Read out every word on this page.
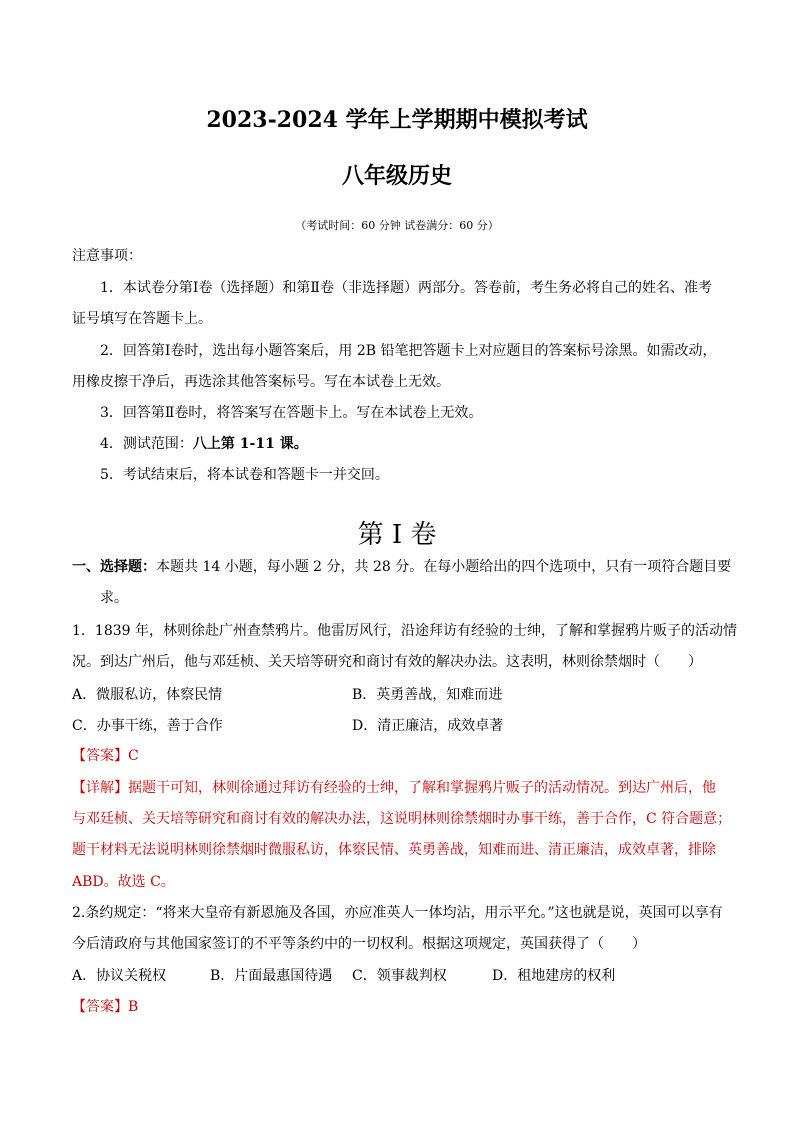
2023-2024 学年上学期期中模拟考试
八年级历史
（考试时间：60 分钟 试卷满分：60 分）
注意事项：
1．本试卷分第Ⅰ卷（选择题）和第Ⅱ卷（非选择题）两部分。答卷前，考生务必将自己的姓名、准考
证号填写在答题卡上。
2．回答第Ⅰ卷时，选出每小题答案后，用 2B 铅笔把答题卡上对应题目的答案标号涂黑。如需改动，
用橡皮擦干净后，再选涂其他答案标号。写在本试卷上无效。
3．回答第Ⅱ卷时，将答案写在答题卡上。写在本试卷上无效。
4．测试范围：八上第 1-11 课。
5．考试结束后，将本试卷和答题卡一并交回。
第 I 卷
一、选择题：本题共 14 小题，每小题 2 分，共 28 分。在每小题给出的四个选项中，只有一项符合题目要
求。
1．1839 年，林则徐赴广州查禁鸦片。他雷厉风行，沿途拜访有经验的士绅，了解和掌握鸦片贩子的活动情
况。到达广州后，他与邓廷桢、关天培等研究和商讨有效的解决办法。这表明，林则徐禁烟时（　　）
A．微服私访，体察民情	B．英勇善战，知难而进
C．办事干练，善于合作	D．清正廉洁，成效卓著
【答案】C
【详解】据题干可知，林则徐通过拜访有经验的士绅，了解和掌握鸦片贩子的活动情况。到达广州后，他
与邓廷桢、关天培等研究和商讨有效的解决办法，这说明林则徐禁烟时办事干练，善于合作，C 符合题意；
题干材料无法说明林则徐禁烟时微服私访，体察民情、英勇善战，知难而进、清正廉洁，成效卓著，排除
ABD。故选 C。
2.条约规定：“将来大皇帝有新恩施及各国，亦应准英人一体均沾，用示平允。”这也就是说，英国可以享有
今后清政府与其他国家签订的不平等条约中的一切权利。根据这项规定，英国获得了（　　）
A．协议关税权	B．片面最惠国待遇 C．领事裁判权	D．租地建房的权利
【答案】B
